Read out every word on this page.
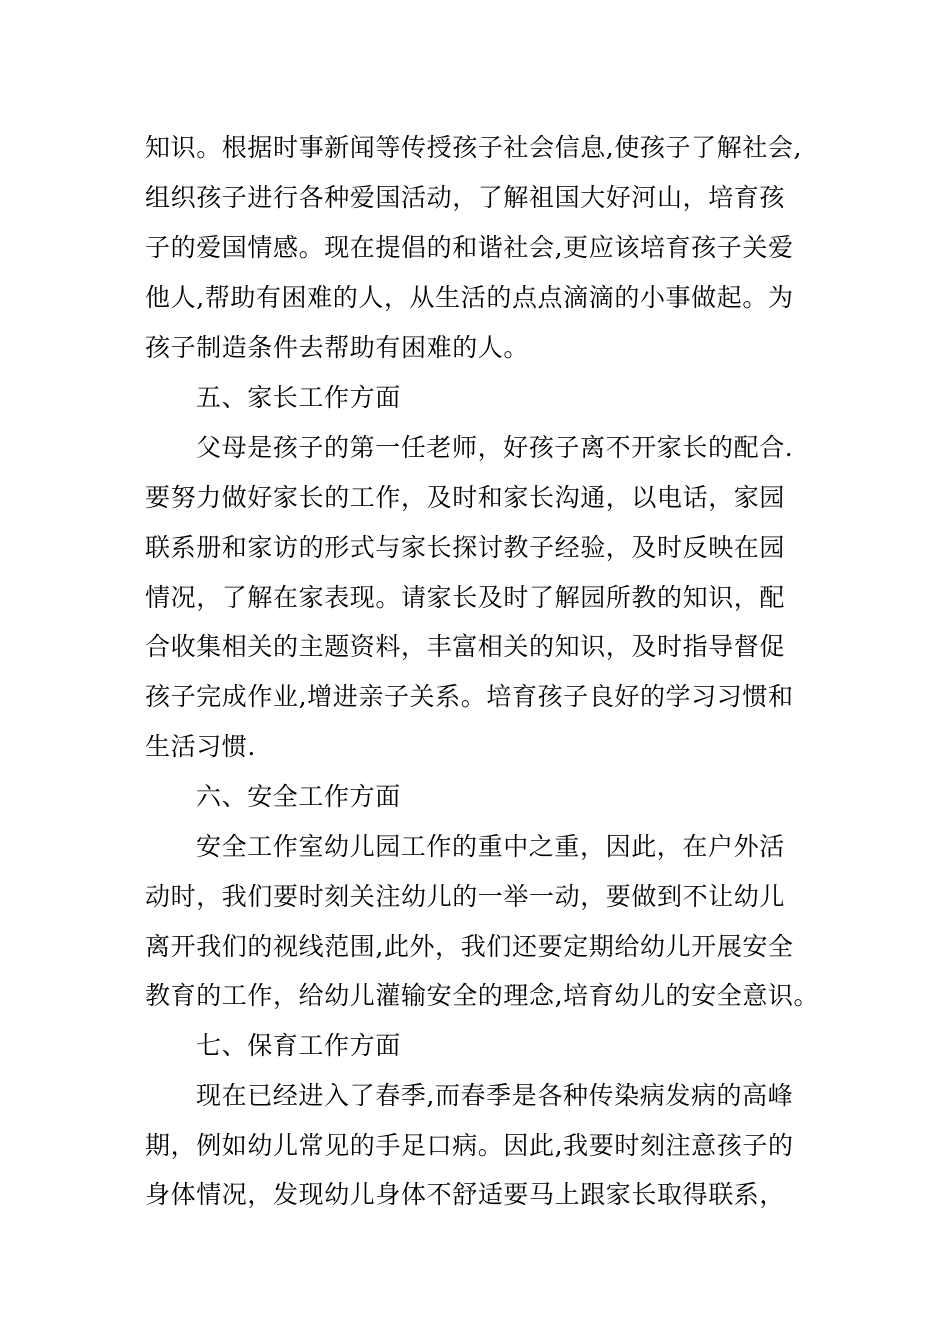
知识。根据时事新闻等传授孩子社会信息,使孩子了解社会,
组织孩子进行各种爱国活动，了解祖国大好河山，培育孩
子的爱国情感。现在提倡的和谐社会,更应该培育孩子关爱
他人,帮助有困难的人，从生活的点点滴滴的小事做起。为
孩子制造条件去帮助有困难的人。
五、家长工作方面
父母是孩子的第一任老师，好孩子离不开家长的配合.
要努力做好家长的工作，及时和家长沟通，以电话，家园
联系册和家访的形式与家长探讨教子经验，及时反映在园
情况，了解在家表现。请家长及时了解园所教的知识，配
合收集相关的主题资料，丰富相关的知识，及时指导督促
孩子完成作业,增进亲子关系。培育孩子良好的学习习惯和
生活习惯.
六、安全工作方面
安全工作室幼儿园工作的重中之重，因此，在户外活
动时，我们要时刻关注幼儿的一举一动，要做到不让幼儿
离开我们的视线范围,此外，我们还要定期给幼儿开展安全
教育的工作，给幼儿灌输安全的理念,培育幼儿的安全意识。
七、保育工作方面
现在已经进入了春季,而春季是各种传染病发病的高峰
期，例如幼儿常见的手足口病。因此,我要时刻注意孩子的
身体情况，发现幼儿身体不舒适要马上跟家长取得联系，
